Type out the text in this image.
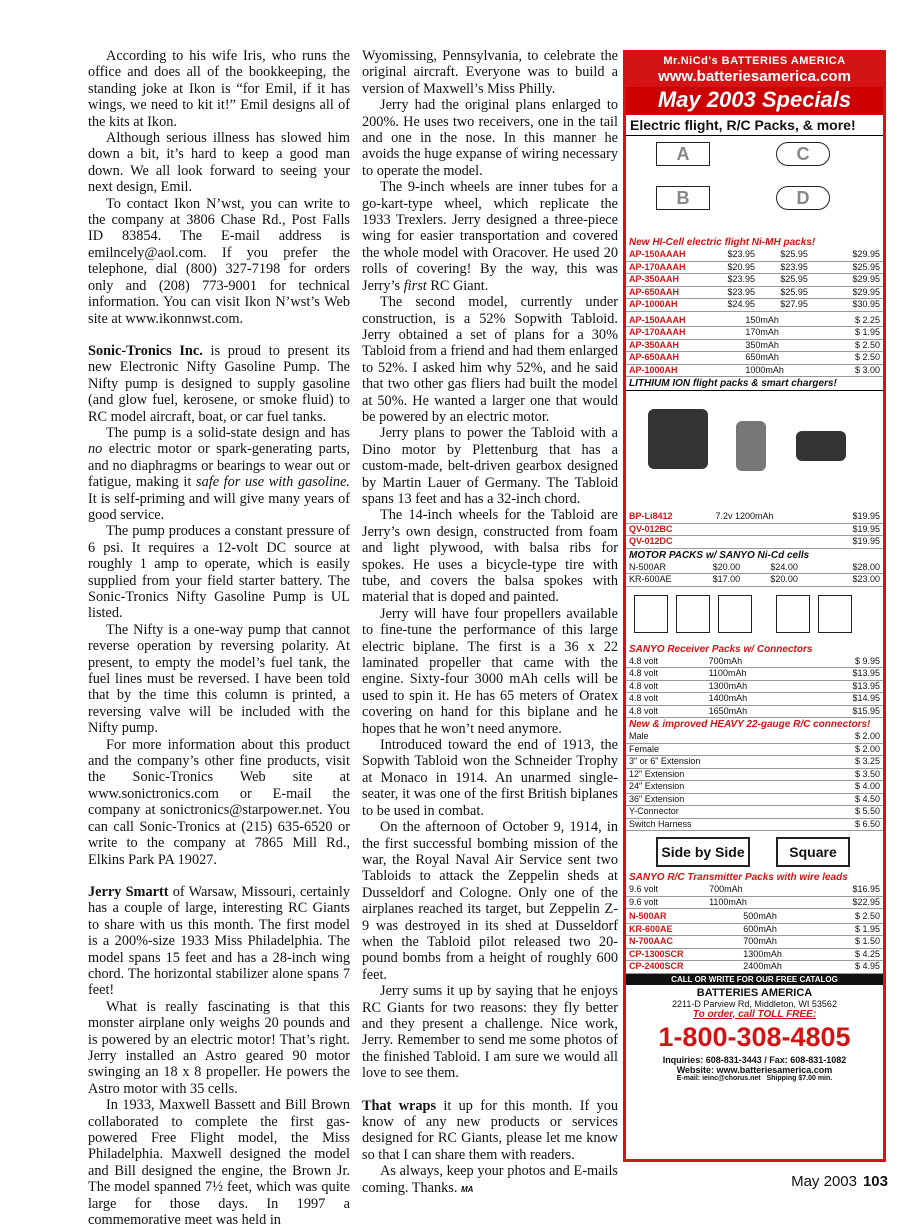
According to his wife Iris, who runs the office and does all of the bookkeeping, the standing joke at Ikon is “for Emil, if it has wings, we need to kit it!” Emil designs all of the kits at Ikon.

Although serious illness has slowed him down a bit, it’s hard to keep a good man down. We all look forward to seeing your next design, Emil.

To contact Ikon N’wst, you can write to the company at 3806 Chase Rd., Post Falls ID 83854. The E-mail address is emilncely@aol.com. If you prefer the telephone, dial (800) 327-7198 for orders only and (208) 773-9001 for technical information. You can visit Ikon N’wst’s Web site at www.ikonnwst.com.

Sonic-Tronics Inc. is proud to present its new Electronic Nifty Gasoline Pump. The Nifty pump is designed to supply gasoline (and glow fuel, kerosene, or smoke fluid) to RC model aircraft, boat, or car fuel tanks.

The pump is a solid-state design and has no electric motor or spark-generating parts, and no diaphragms or bearings to wear out or fatigue, making it safe for use with gasoline. It is self-priming and will give many years of good service.

The pump produces a constant pressure of 6 psi. It requires a 12-volt DC source at roughly 1 amp to operate, which is easily supplied from your field starter battery. The Sonic-Tronics Nifty Gasoline Pump is UL listed.

The Nifty is a one-way pump that cannot reverse operation by reversing polarity. At present, to empty the model’s fuel tank, the fuel lines must be reversed. I have been told that by the time this column is printed, a reversing valve will be included with the Nifty pump.

For more information about this product and the company’s other fine products, visit the Sonic-Tronics Web site at www.sonictronics.com or E-mail the company at sonictronics@starpower.net. You can call Sonic-Tronics at (215) 635-6520 or write to the company at 7865 Mill Rd., Elkins Park PA 19027.

Jerry Smartt of Warsaw, Missouri, certainly has a couple of large, interesting RC Giants to share with us this month. The first model is a 200%-size 1933 Miss Philadelphia. The model spans 15 feet and has a 28-inch wing chord. The horizontal stabilizer alone spans 7 feet!

What is really fascinating is that this monster airplane only weighs 20 pounds and is powered by an electric motor! That’s right. Jerry installed an Astro geared 90 motor swinging an 18 x 8 propeller. He powers the Astro motor with 35 cells.

In 1933, Maxwell Bassett and Bill Brown collaborated to complete the first gas-powered Free Flight model, the Miss Philadelphia. Maxwell designed the model and Bill designed the engine, the Brown Jr. The model spanned 7½ feet, which was quite large for those days. In 1997 a commemorative meet was held in

Wyomissing, Pennsylvania, to celebrate the original aircraft. Everyone was to build a version of Maxwell’s Miss Philly.

Jerry had the original plans enlarged to 200%. He uses two receivers, one in the tail and one in the nose. In this manner he avoids the huge expanse of wiring necessary to operate the model.

The 9-inch wheels are inner tubes for a go-kart-type wheel, which replicate the 1933 Trexlers. Jerry designed a three-piece wing for easier transportation and covered the whole model with Oracover. He used 20 rolls of covering! By the way, this was Jerry’s first RC Giant.

The second model, currently under construction, is a 52% Sopwith Tabloid. Jerry obtained a set of plans for a 30% Tabloid from a friend and had them enlarged to 52%. I asked him why 52%, and he said that two other gas fliers had built the model at 50%. He wanted a larger one that would be powered by an electric motor.

Jerry plans to power the Tabloid with a Dino motor by Plettenburg that has a custom-made, belt-driven gearbox designed by Martin Lauer of Germany. The Tabloid spans 13 feet and has a 32-inch chord.

The 14-inch wheels for the Tabloid are Jerry’s own design, constructed from foam and light plywood, with balsa ribs for spokes. He uses a bicycle-type tire with tube, and covers the balsa spokes with material that is doped and painted.

Jerry will have four propellers available to fine-tune the performance of this large electric biplane. The first is a 36 x 22 laminated propeller that came with the engine. Sixty-four 3000 mAh cells will be used to spin it. He has 65 meters of Oratex covering on hand for this biplane and he hopes that he won’t need anymore.

Introduced toward the end of 1913, the Sopwith Tabloid won the Schneider Trophy at Monaco in 1914. An unarmed single-seater, it was one of the first British biplanes to be used in combat.

On the afternoon of October 9, 1914, in the first successful bombing mission of the war, the Royal Naval Air Service sent two Tabloids to attack the Zeppelin sheds at Dusseldorf and Cologne. Only one of the airplanes reached its target, but Zeppelin Z-9 was destroyed in its shed at Dusseldorf when the Tabloid pilot released two 20-pound bombs from a height of roughly 600 feet.

Jerry sums it up by saying that he enjoys RC Giants for two reasons: they fly better and they present a challenge. Nice work, Jerry. Remember to send me some photos of the finished Tabloid. I am sure we would all love to see them.

That wraps it up for this month. If you know of any new products or services designed for RC Giants, please let me know so that I can share them with readers.

As always, keep your photos and E-mails coming. Thanks. MA

Mr.NiCd's BATTERIES AMERICA
www.batteriesamerica.com
May 2003 Specials
Electric flight, R/C Packs, & more!
A	C
B	D
New HI-Cell electric flight Ni-MH packs!
AP-150AAAH	$23.95	$25.95	$29.95
AP-170AAAH	$20.95	$23.95	$25.95
AP-350AAH	$23.95	$25.95	$29.95
AP-650AAH	$23.95	$25.95	$29.95
AP-1000AH	$24.95	$27.95	$30.95
AP-150AAAH	150mAh	$ 2.25
AP-170AAAH	170mAh	$ 1.95
AP-350AAH	350mAh	$ 2.50
AP-650AAH	650mAh	$ 2.50
AP-1000AH	1000mAh	$ 3.00
LITHIUM ION flight packs & smart chargers!
BP-Li8412	7.2v 1200mAh	$19.95
QV-012BC		$19.95
QV-012DC		$19.95
MOTOR PACKS w/ SANYO Ni-Cd cells
N-500AR	$20.00	$24.00	$28.00
KR-600AE	$17.00	$20.00	$23.00
SANYO Receiver Packs w/ Connectors
4.8 volt	700mAh	$ 9.95
4.8 volt	1100mAh	$13.95
4.8 volt	1300mAh	$13.95
4.8 volt	1400mAh	$14.95
4.8 volt	1650mAh	$15.95
New & improved HEAVY 22-gauge R/C connectors!
Male	$ 2.00
Female	$ 2.00
3" or 6" Extension	$ 3.25
12" Extension	$ 3.50
24" Extension	$ 4.00
36" Extension	$ 4.50
Y-Connector	$ 5.50
Switch Harness	$ 6.50
Side by Side	Square
SANYO R/C Transmitter Packs with wire leads
9.6 volt	700mAh	$16.95
9.6 volt	1100mAh	$22.95
N-500AR	500mAh	$ 2.50
KR-600AE	600mAh	$ 1.95
N-700AAC	700mAh	$ 1.50
CP-1300SCR	1300mAh	$ 4.25
CP-2400SCR	2400mAh	$ 4.95
CALL OR WRITE FOR OUR FREE CATALOG
BATTERIES AMERICA
2211-D Parview Rd, Middleton, WI 53562
To order, call TOLL FREE:
1-800-308-4805
Inquiries: 608-831-3443 / Fax: 608-831-1082
Website: www.batteriesamerica.com
E-mail: ieinc@chorus.net Shipping $7.00 min.
May 2003 103
